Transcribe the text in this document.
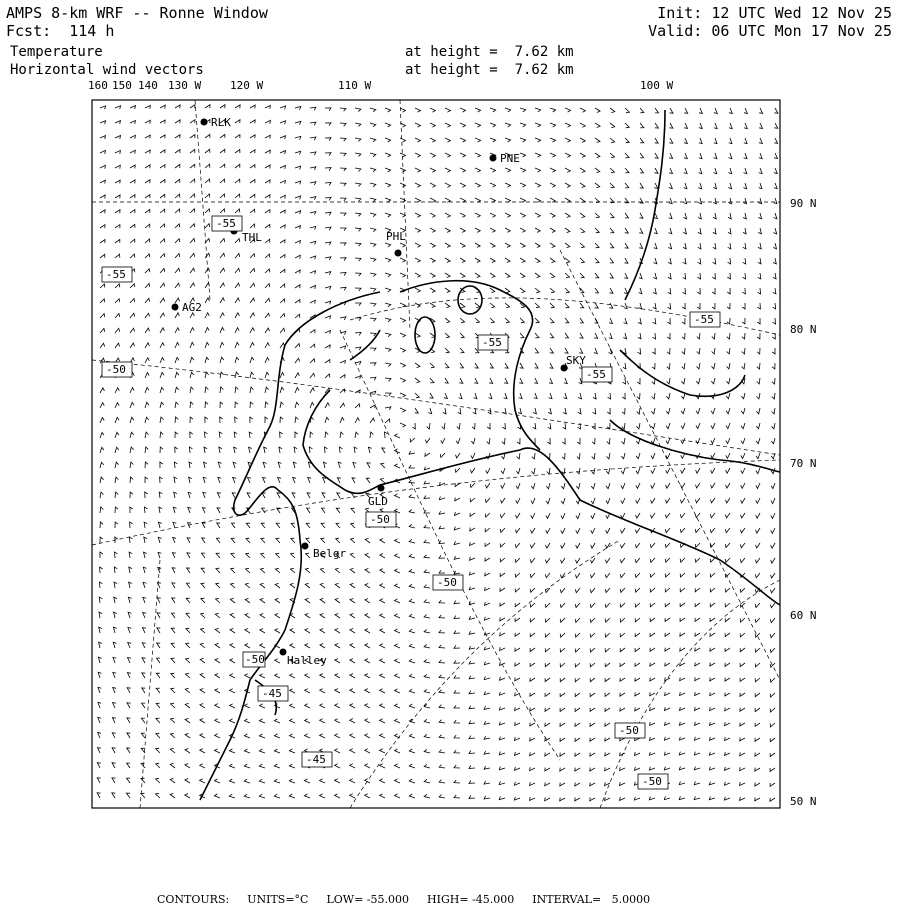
AMPS 8-km WRF -- Ronne Window
Fcst:  114 h
Temperature
Horizontal wind vectors
at height =  7.62 km
at height =  7.62 km
Init: 12 UTC Wed 12 Nov 25
Valid: 06 UTC Mon 17 Nov 25
160 150 140 130 W	120 W	110 W	100 W
90 N
80 N
70 N
60 N
50 N
RLK
PNE
THL	PHL
AG2
SKY
GLD
Belgr
Halley
-55
-55
-50
-55
-55
-55
-50
-50
-45
-45
-50
-50
-50

CONTOURS: UNITS=°C LOW= -55.000 HIGH= -45.000 INTERVAL=   5.0000
